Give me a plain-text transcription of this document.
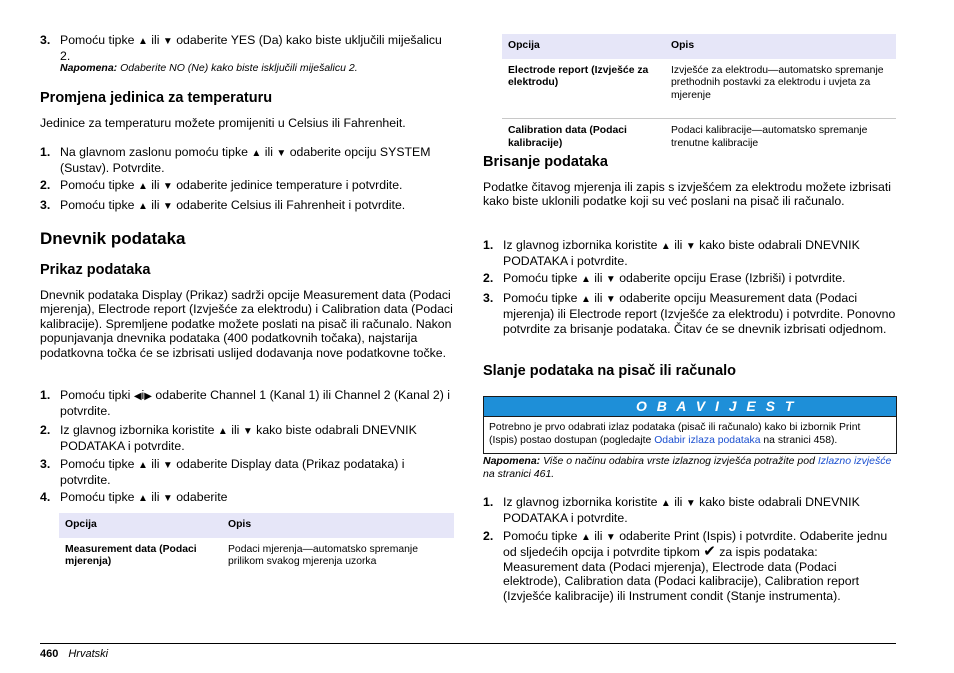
3. Pomoću tipke ▲ ili ▼ odaberite YES (Da) kako biste uključili miješalicu 2.
Napomena: Odaberite NO (Ne) kako biste isključili miješalicu 2.
Promjena jedinica za temperaturu

Jedinice za temperaturu možete promijeniti u Celsius ili Fahrenheit.

1. Na glavnom zaslonu pomoću tipke ▲ ili ▼ odaberite opciju SYSTEM (Sustav). Potvrdite.
2. Pomoću tipke ▲ ili ▼ odaberite jedinice temperature i potvrdite.
3. Pomoću tipke ▲ ili ▼ odaberite Celsius ili Fahrenheit i potvrdite.
Dnevnik podataka
Prikaz podataka

Dnevnik podataka Display (Prikaz) sadrži opcije Measurement data (Podaci mjerenja), Electrode report (Izvješće za elektrodu) i Calibration data (Podaci kalibracije). Spremljene podatke možete poslati na pisač ili računalo. Nakon popunjavanja dnevnika podataka (400 podatkovnih točaka), najstarija podatkovna točka će se izbrisati uslijed dodavanja nove podatkovne točke.

1. Pomoću tipki ◀i▶ odaberite Channel 1 (Kanal 1) ili Channel 2 (Kanal 2) i potvrdite.
2. Iz glavnog izbornika koristite ▲ ili ▼ kako biste odabrali DNEVNIK PODATAKA i potvrdite.
3. Pomoću tipke ▲ ili ▼ odaberite Display data (Prikaz podataka) i potvrdite.
4. Pomoću tipke ▲ ili ▼ odaberite
Opcija	Opis
Measurement data (Podaci mjerenja)	Podaci mjerenja—automatsko spremanje prilikom svakog mjerenja uzorka
Opcija	Opis
Electrode report (Izvješće za elektrodu)	Izvješće za elektrodu—automatsko spremanje prethodnih postavki za elektrodu i uvjeta za mjerenje
Calibration data (Podaci kalibracije)	Podaci kalibracije—automatsko spremanje trenutne kalibracije
Brisanje podataka

Podatke čitavog mjerenja ili zapis s izvješćem za elektrodu možete izbrisati kako biste uklonili podatke koji su već poslani na pisač ili računalo.

1. Iz glavnog izbornika koristite ▲ ili ▼ kako biste odabrali DNEVNIK PODATAKA i potvrdite.
2. Pomoću tipke ▲ ili ▼ odaberite opciju Erase (Izbriši) i potvrdite.
3. Pomoću tipke ▲ ili ▼ odaberite opciju Measurement data (Podaci mjerenja) ili Electrode report (Izvješće za elektrodu) i potvrdite. Ponovno potvrdite za brisanje podataka. Čitav će se dnevnik izbrisati odjednom.
Slanje podataka na pisač ili računalo
O B A V I J E S T
Potrebno je prvo odabrati izlaz podataka (pisač ili računalo) kako bi izbornik Print (Ispis) postao dostupan (pogledajte Odabir izlaza podataka na stranici 458).
Napomena: Više o načinu odabira vrste izlaznog izvješća potražite pod Izlazno izvješće na stranici 461.
1. Iz glavnog izbornika koristite ▲ ili ▼ kako biste odabrali DNEVNIK PODATAKA i potvrdite.
2. Pomoću tipke ▲ ili ▼ odaberite Print (Ispis) i potvrdite. Odaberite jednu od sljedećih opcija i potvrdite tipkom ✔ za ispis podataka: Measurement data (Podaci mjerenja), Electrode data (Podaci elektrode), Calibration data (Podaci kalibracije), Calibration report (Izvješće kalibracije) ili Instrument condit (Stanje instrumenta).
460 Hrvatski
